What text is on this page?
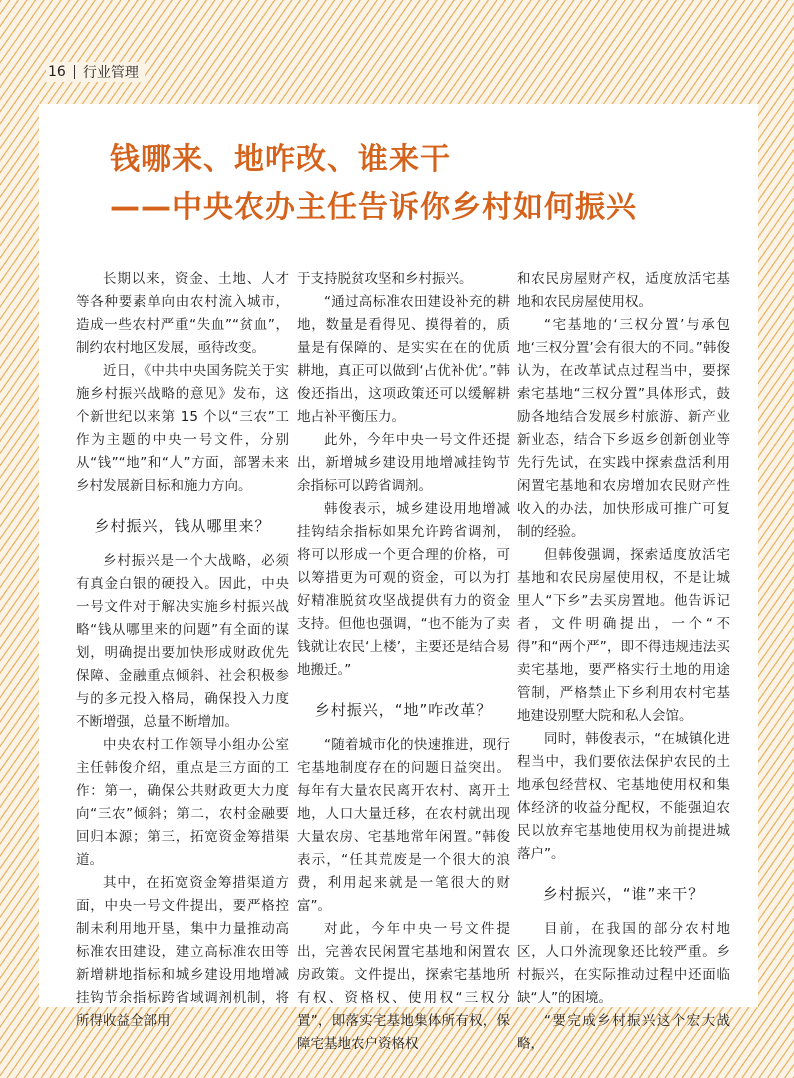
16 行业管理
钱哪来、地咋改、谁来干
——中央农办主任告诉你乡村如何振兴

长期以来，资金、土地、人才等各种要素单向由农村流入城市，造成一些农村严重“失血”“贫血”，制约农村地区发展，亟待改变。

近日，《中共中央国务院关于实施乡村振兴战略的意见》发布，这个新世纪以来第 15 个以“三农”工作为主题的中央一号文件，分别从“钱”“地”和“人”方面，部署未来乡村发展新目标和施力方向。

乡村振兴，钱从哪里来？

乡村振兴是一个大战略，必须有真金白银的硬投入。因此，中央一号文件对于解决实施乡村振兴战略“钱从哪里来的问题”有全面的谋划，明确提出要加快形成财政优先保障、金融重点倾斜、社会积极参与的多元投入格局，确保投入力度不断增强，总量不断增加。

中央农村工作领导小组办公室主任韩俊介绍，重点是三方面的工作：第一，确保公共财政更大力度向“三农”倾斜；第二，农村金融要回归本源；第三，拓宽资金筹措渠道。

其中，在拓宽资金筹措渠道方面，中央一号文件提出，要严格控制未利用地开垦，集中力量推动高标准农田建设，建立高标准农田等新增耕地指标和城乡建设用地增减挂钩节余指标跨省域调剂机制，将所得收益全部用

于支持脱贫攻坚和乡村振兴。

“通过高标准农田建设补充的耕地，数量是看得见、摸得着的，质量是有保障的、是实实在在的优质耕地，真正可以做到‘占优补优’。”韩俊还指出，这项政策还可以缓解耕地占补平衡压力。

此外，今年中央一号文件还提出，新增城乡建设用地增减挂钩节余指标可以跨省调剂。

韩俊表示，城乡建设用地增减挂钩结余指标如果允许跨省调剂，将可以形成一个更合理的价格，可以筹措更为可观的资金，可以为打好精准脱贫攻坚战提供有力的资金支持。但他也强调，“也不能为了卖钱就让农民‘上楼’，主要还是结合易地搬迁。”

乡村振兴，“地”咋改革？

“随着城市化的快速推进，现行宅基地制度存在的问题日益突出。每年有大量农民离开农村、离开土地，人口大量迁移，在农村就出现大量农房、宅基地常年闲置。”韩俊表示，“任其荒废是一个很大的浪费，利用起来就是一笔很大的财富”。

对此，今年中央一号文件提出，完善农民闲置宅基地和闲置农房政策。文件提出，探索宅基地所有权、资格权、使用权“三权分置”，即落实宅基地集体所有权，保障宅基地农户资格权

和农民房屋财产权，适度放活宅基地和农民房屋使用权。

“宅基地的‘三权分置’与承包地‘三权分置’会有很大的不同。”韩俊认为，在改革试点过程当中，要探索宅基地“三权分置”具体形式，鼓励各地结合发展乡村旅游、新产业新业态，结合下乡返乡创新创业等先行先试，在实践中探索盘活利用闲置宅基地和农房增加农民财产性收入的办法，加快形成可推广可复制的经验。

但韩俊强调，探索适度放活宅基地和农民房屋使用权，不是让城里人“下乡”去买房置地。他告诉记者，文件明确提出，一个“不得”和“两个严”，即不得违规违法买卖宅基地，要严格实行土地的用途管制，严格禁止下乡利用农村宅基地建设别墅大院和私人会馆。

同时，韩俊表示，“在城镇化进程当中，我们要依法保护农民的土地承包经营权、宅基地使用权和集体经济的收益分配权，不能强迫农民以放弃宅基地使用权为前提进城落户”。

乡村振兴，“谁”来干？

目前，在我国的部分农村地区，人口外流现象还比较严重。乡村振兴，在实际推动过程中还面临缺“人”的困境。

“要完成乡村振兴这个宏大战略，
